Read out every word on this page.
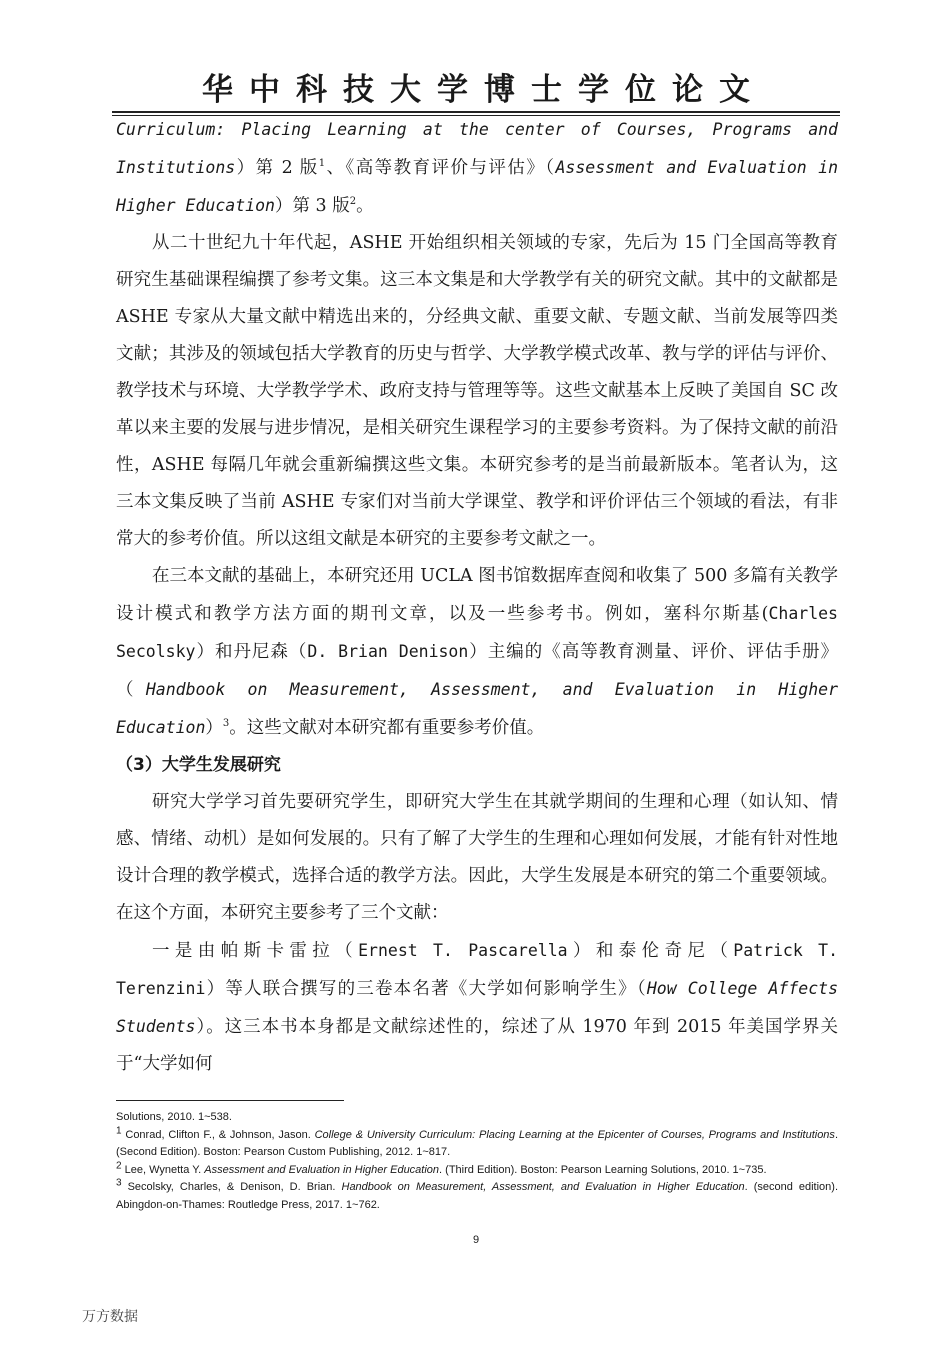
华中科技大学博士学位论文

Curriculum: Placing Learning at the center of Courses, Programs and Institutions）第 2 版$^1$、《高等教育评价与评估》（Assessment and Evaluation in Higher Education）第 3 版$^2$。

从二十世纪九十年代起，ASHE 开始组织相关领域的专家，先后为 15 门全国高等教育研究生基础课程编撰了参考文集。这三本文集是和大学教学有关的研究文献。其中的文献都是 ASHE 专家从大量文献中精选出来的，分经典文献、重要文献、专题文献、当前发展等四类文献；其涉及的领域包括大学教育的历史与哲学、大学教学模式改革、教与学的评估与评价、教学技术与环境、大学教学学术、政府支持与管理等等。这些文献基本上反映了美国自 SC 改革以来主要的发展与进步情况，是相关研究生课程学习的主要参考资料。为了保持文献的前沿性，ASHE 每隔几年就会重新编撰这些文集。本研究参考的是当前最新版本。笔者认为，这三本文集反映了当前 ASHE 专家们对当前大学课堂、教学和评价评估三个领域的看法，有非常大的参考价值。所以这组文献是本研究的主要参考文献之一。

在三本文献的基础上，本研究还用 UCLA 图书馆数据库查阅和收集了 500 多篇有关教学设计模式和教学方法方面的期刊文章，以及一些参考书。例如，塞科尔斯基(Charles Secolsky）和丹尼森（D. Brian Denison）主编的《高等教育测量、评价、评估手册》（Handbook on Measurement, Assessment, and Evaluation in Higher Education）$^3$。这些文献对本研究都有重要参考价值。

（3）大学生发展研究

研究大学学习首先要研究学生，即研究大学生在其就学期间的生理和心理（如认知、情感、情绪、动机）是如何发展的。只有了解了大学生的生理和心理如何发展，才能有针对性地设计合理的教学模式，选择合适的教学方法。因此，大学生发展是本研究的第二个重要领域。在这个方面，本研究主要参考了三个文献：

一是由帕斯卡雷拉（Ernest T. Pascarella）和泰伦奇尼（Patrick T. Terenzini）等人联合撰写的三卷本名著《大学如何影响学生》（How College Affects Students）。这三本书本身都是文献综述性的，综述了从 1970 年到 2015 年美国学界关于“大学如何

Solutions, 2010. 1~538.

$^1$ Conrad, Clifton F., & Johnson, Jason. College & University Curriculum: Placing Learning at the Epicenter of Courses, Programs and Institutions. (Second Edition). Boston: Pearson Custom Publishing, 2012. 1~817.

$^2$ Lee, Wynetta Y. Assessment and Evaluation in Higher Education. (Third Edition). Boston: Pearson Learning Solutions, 2010. 1~735.

$^3$ Secolsky, Charles, & Denison, D. Brian. Handbook on Measurement, Assessment, and Evaluation in Higher Education. (second edition). Abingdon-on-Thames: Routledge Press, 2017. 1~762.

9
万方数据
